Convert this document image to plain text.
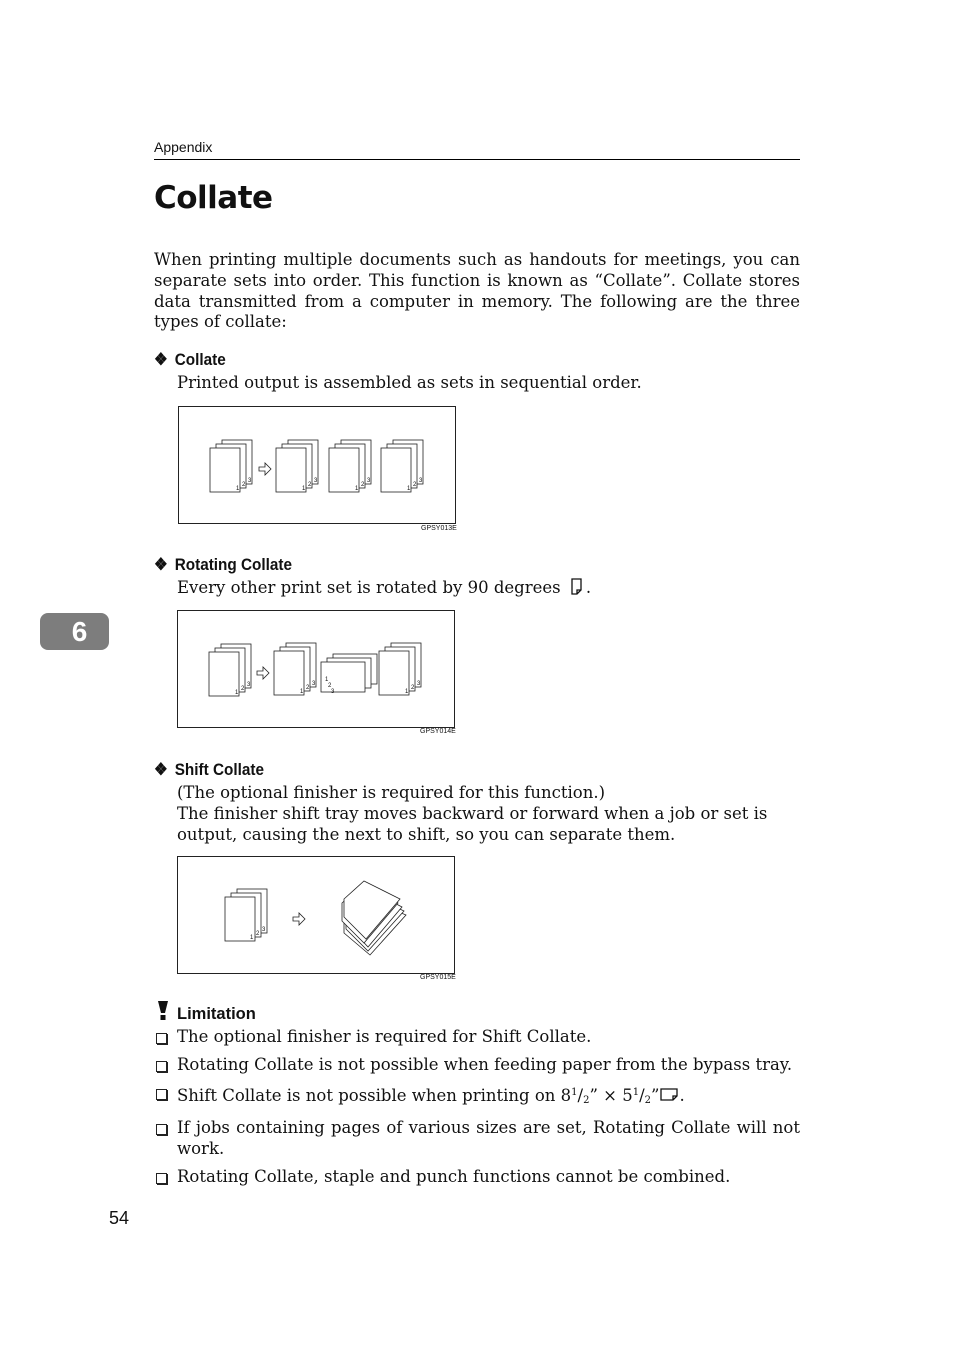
Appendix
Collate
When printing multiple documents such as handouts for meetings, you can separate sets into order. This function is known as “Collate”. Collate stores data transmitted from a computer in memory. The following are the three types of collate:
❖ Collate
Printed output is assembled as sets in sequential order.
1
2
3
1
2
3
1
2
3
1
2
3
GPSY013E
❖ Rotating Collate
Every other print set is rotated by 90 degrees .
1
2
3
1
2
3
1
2
3	1
2
3
GPSY014E
6
❖ Shift Collate
(The optional finisher is required for this function.)
The finisher shift tray moves backward or forward when a job or set is output, causing the next to shift, so you can separate them.
1
2
3
GPSY015E
Limitation
The optional finisher is required for Shift Collate.
Rotating Collate is not possible when feeding paper from the bypass tray.
Shift Collate is not possible when printing on $8^1/_2$” × $5^1/_2$” .
If jobs containing pages of various sizes are set, Rotating Collate will not work.
Rotating Collate, staple and punch functions cannot be combined.
54
